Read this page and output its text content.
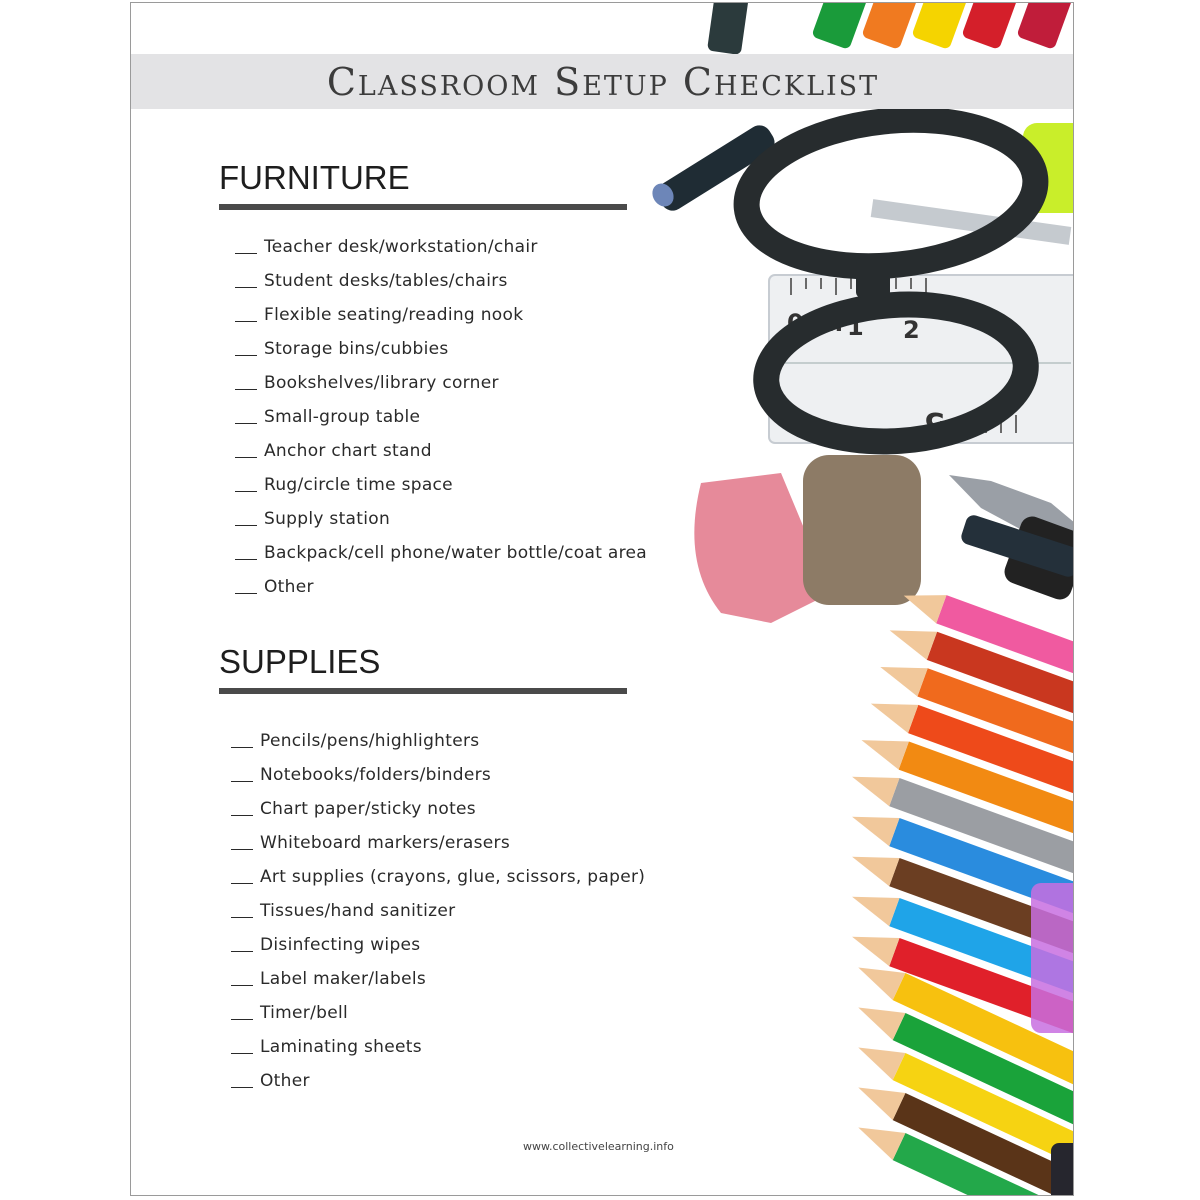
0cm 1 2
5
Classroom Setup Checklist
FURNITURE
Teacher desk/workstation/chair
Student desks/tables/chairs
Flexible seating/reading nook
Storage bins/cubbies
Bookshelves/library corner
Small-group table
Anchor chart stand
Rug/circle time space
Supply station
Backpack/cell phone/water bottle/coat area
Other
SUPPLIES
Pencils/pens/highlighters
Notebooks/folders/binders
Chart paper/sticky notes
Whiteboard markers/erasers
Art supplies (crayons, glue, scissors, paper)
Tissues/hand sanitizer
Disinfecting wipes
Label maker/labels
Timer/bell
Laminating sheets
Other
www.collectivelearning.info
